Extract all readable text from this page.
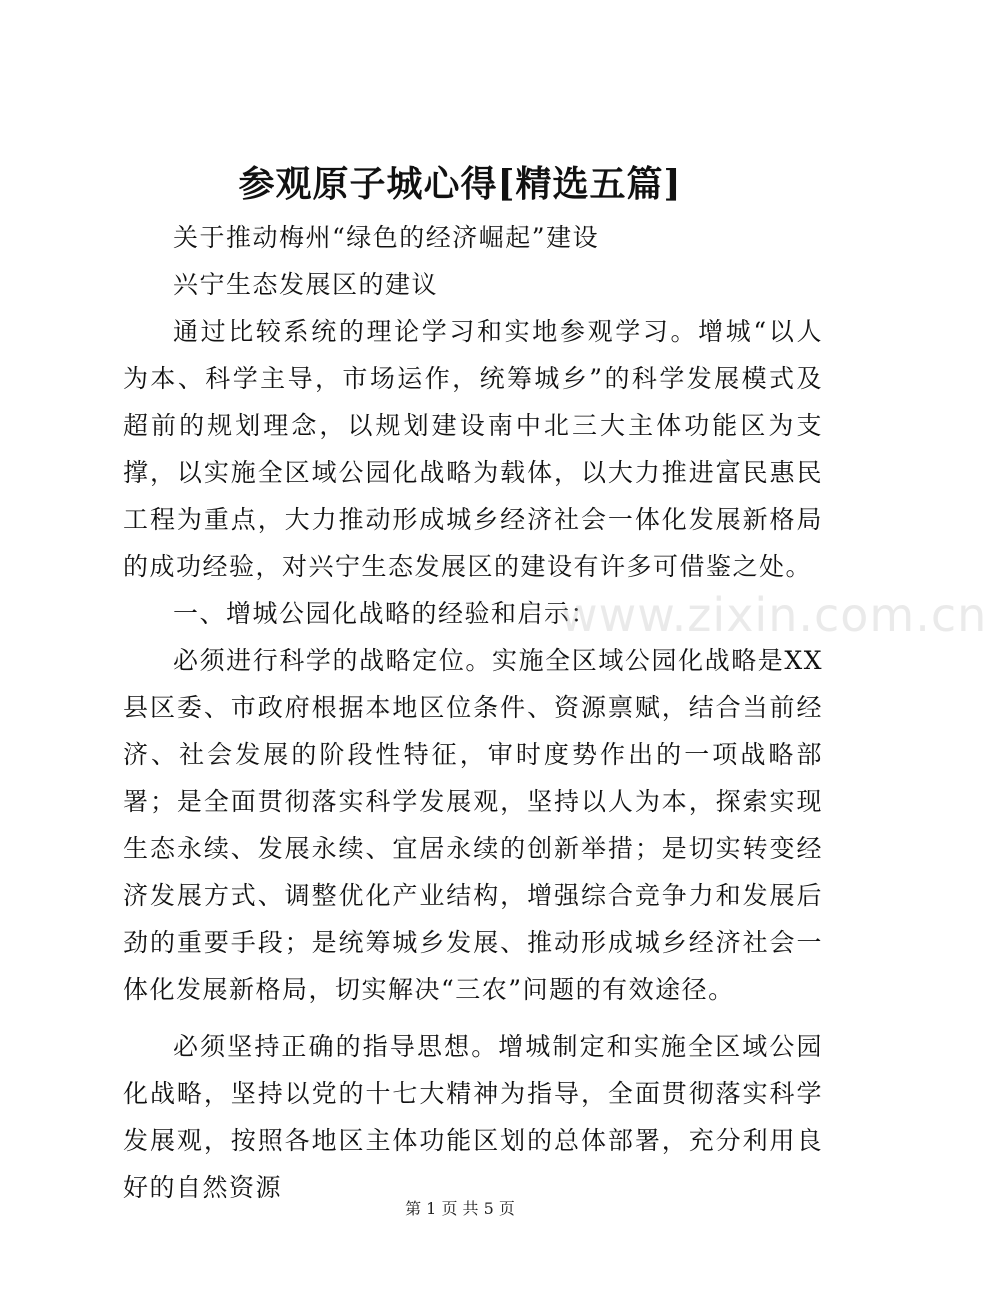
参观原子城心得[精选五篇]

关于推动梅州“绿色的经济崛起”建设

兴宁生态发展区的建议

通过比较系统的理论学习和实地参观学习。增城“以人为本、科学主导，市场运作，统筹城乡”的科学发展模式及超前的规划理念，以规划建设南中北三大主体功能区为支撑，以实施全区域公园化战略为载体，以大力推进富民惠民工程为重点，大力推动形成城乡经济社会一体化发展新格局的成功经验，对兴宁生态发展区的建设有许多可借鉴之处。

一、增城公园化战略的经验和启示：

必须进行科学的战略定位。实施全区域公园化战略是XX县区委、市政府根据本地区位条件、资源禀赋，结合当前经济、社会发展的阶段性特征，审时度势作出的一项战略部署；是全面贯彻落实科学发展观，坚持以人为本，探索实现生态永续、发展永续、宜居永续的创新举措；是切实转变经济发展方式、调整优化产业结构，增强综合竞争力和发展后劲的重要手段；是统筹城乡发展、推动形成城乡经济社会一体化发展新格局，切实解决“三农”问题的有效途径。

必须坚持正确的指导思想。增城制定和实施全区域公园化战略，坚持以党的十七大精神为指导，全面贯彻落实科学发展观，按照各地区主体功能区划的总体部署，充分利用良好的自然资源

www.zixin.com.cn
第 1 页 共 5 页
